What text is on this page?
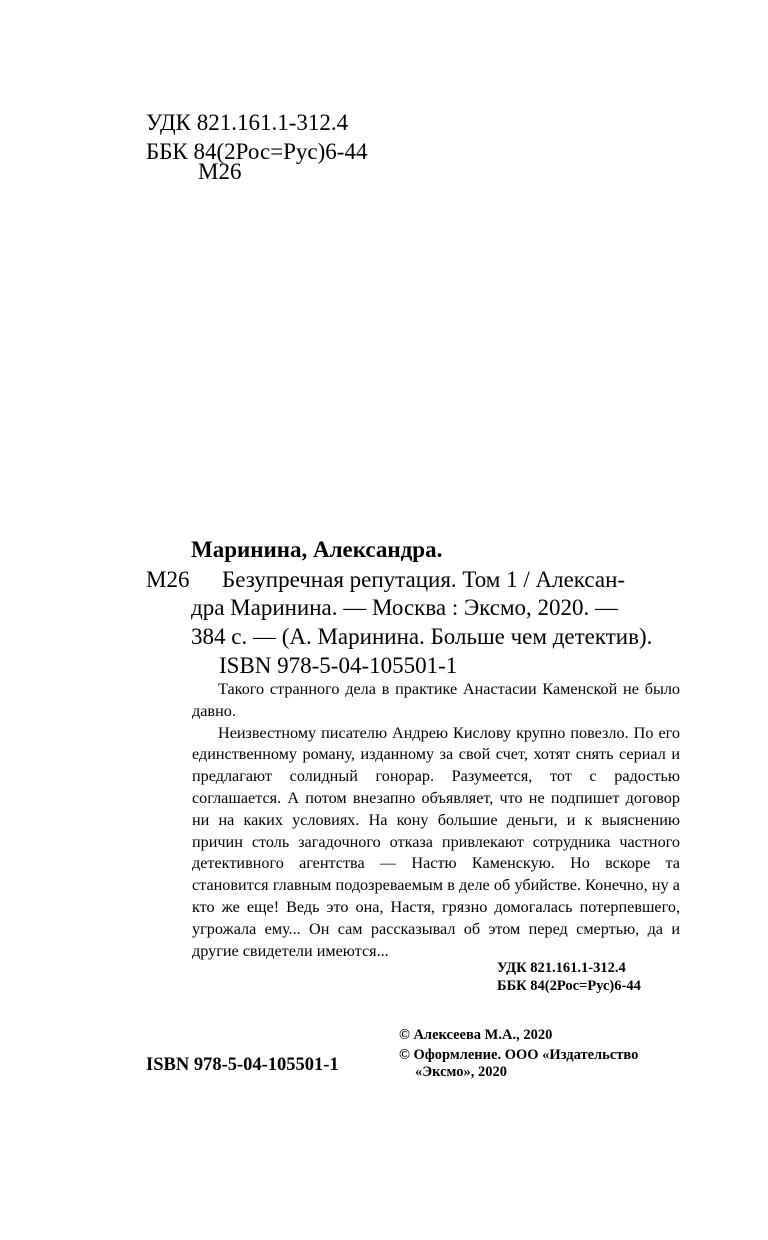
УДК 821.161.1-312.4
ББК 84(2Рос=Рус)6-44
М26
Маринина, Александра.
М26 Безупречная репутация. Том 1 / Алексан-
дра Маринина. — Москва : Эксмо, 2020. —
384 с. — (А. Маринина. Больше чем детектив).
ISBN 978-5-04-105501-1

Такого странного дела в практике Анастасии Каменской не было давно.

Неизвестному писателю Андрею Кислову крупно повезло. По его единственному роману, изданному за свой счет, хотят снять сериал и предлагают солидный гонорар. Разумеется, тот с радостью соглашается. А потом внезапно объявляет, что не подпишет договор ни на каких условиях. На кону большие деньги, и к выяснению причин столь загадочного отказа привлекают сотрудника частного детективного агентства — Настю Каменскую. Но вскоре та становится главным подозреваемым в деле об убийстве. Конечно, ну а кто же еще! Ведь это она, Настя, грязно домогалась потерпевшего, угрожала ему... Он сам рассказывал об этом перед смертью, да и другие свидетели имеются...

УДК 821.161.1-312.4
ББК 84(2Рос=Рус)6-44
© Алексеева М.А., 2020
© Оформление. ООО «Издательство
«Эксмо», 2020
ISBN 978-5-04-105501-1
